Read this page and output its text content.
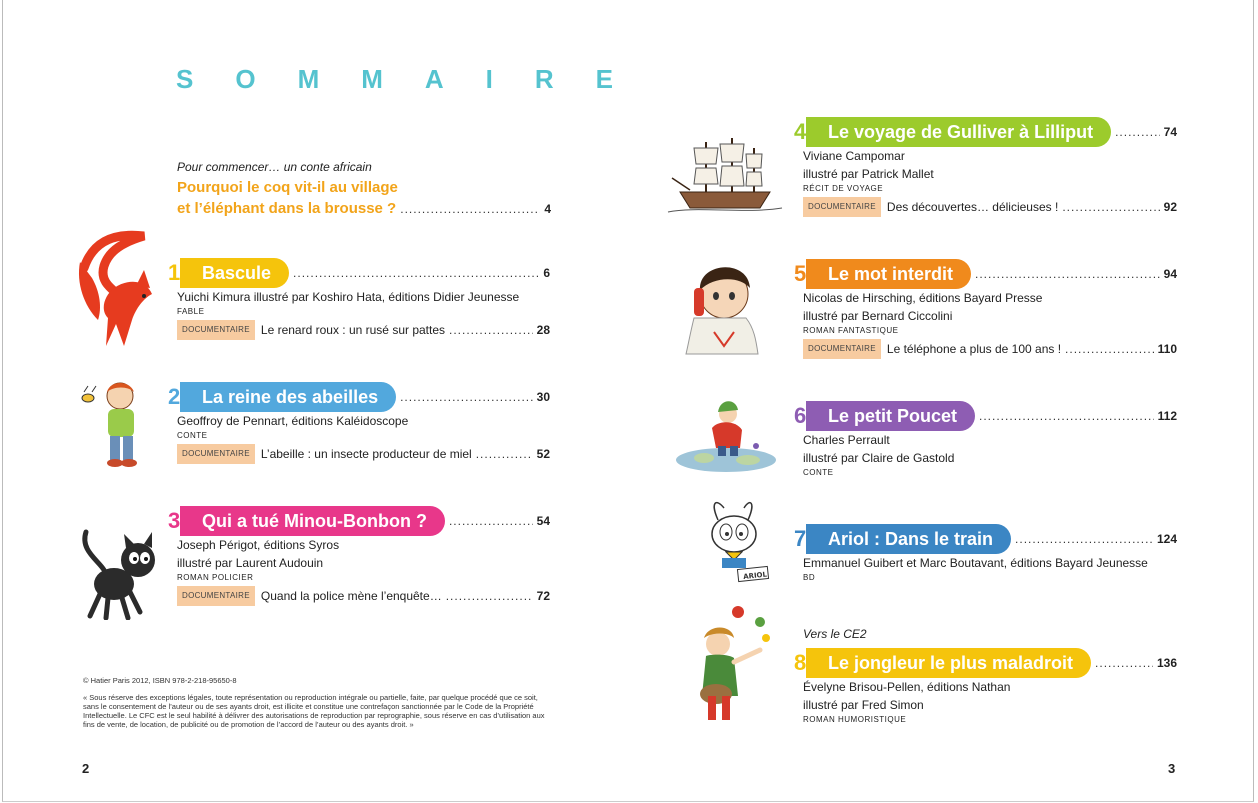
SOMMAIRE
Pour commencer… un conte africain
Pourquoi le coq vit-il au village
et l’éléphant dans la brousse ? .....	4
1	Bascule .....	6
Yuichi Kimura illustré par Koshiro Hata, éditions Didier Jeunesse
FABLE
DOCUMENTAIRE Le renard roux : un rusé sur pattes .....	28
2	La reine des abeilles .....	30
Geoffroy de Pennart, éditions Kaléidoscope
CONTE
DOCUMENTAIRE L’abeille : un insecte producteur de miel .....	52
3	Qui a tué Minou-Bonbon ? .....	54
Joseph Périgot, éditions Syros
illustré par Laurent Audouin
ROMAN POLICIER
DOCUMENTAIRE Quand la police mène l’enquête… .....	72
4	Le voyage de Gulliver à Lilliput .....	74
Viviane Campomar
illustré par Patrick Mallet
RÉCIT DE VOYAGE
DOCUMENTAIRE Des découvertes… délicieuses ! .....	92
5	Le mot interdit .....	94
Nicolas de Hirsching, éditions Bayard Presse
illustré par Bernard Ciccolini
ROMAN FANTASTIQUE
DOCUMENTAIRE Le téléphone a plus de 100 ans ! .....	110
6	Le petit Poucet .....	112
Charles Perrault
illustré par Claire de Gastold
CONTE
7	Ariol : Dans le train .....	124
Emmanuel Guibert et Marc Boutavant, éditions Bayard Jeunesse
BD
Vers le CE2
8	Le jongleur le plus maladroit .....	136
Évelyne Brisou-Pellen, éditions Nathan
illustré par Fred Simon
ROMAN HUMORISTIQUE
© Hatier Paris 2012, ISBN 978-2-218-95650-8
« Sous réserve des exceptions légales, toute représentation ou reproduction intégrale ou partielle, faite, par quelque procédé que ce soit, sans le consentement de l’auteur ou de ses ayants droit, est illicite et constitue une contrefaçon sanctionnée par le Code de la Propriété Intellectuelle. Le CFC est le seul habilité à délivrer des autorisations de reproduction par reprographie, sous réserve en cas d’utilisation aux fins de vente, de location, de publicité ou de promotion de l’accord de l’auteur ou des ayants droit. »
2	3
ARIOL
